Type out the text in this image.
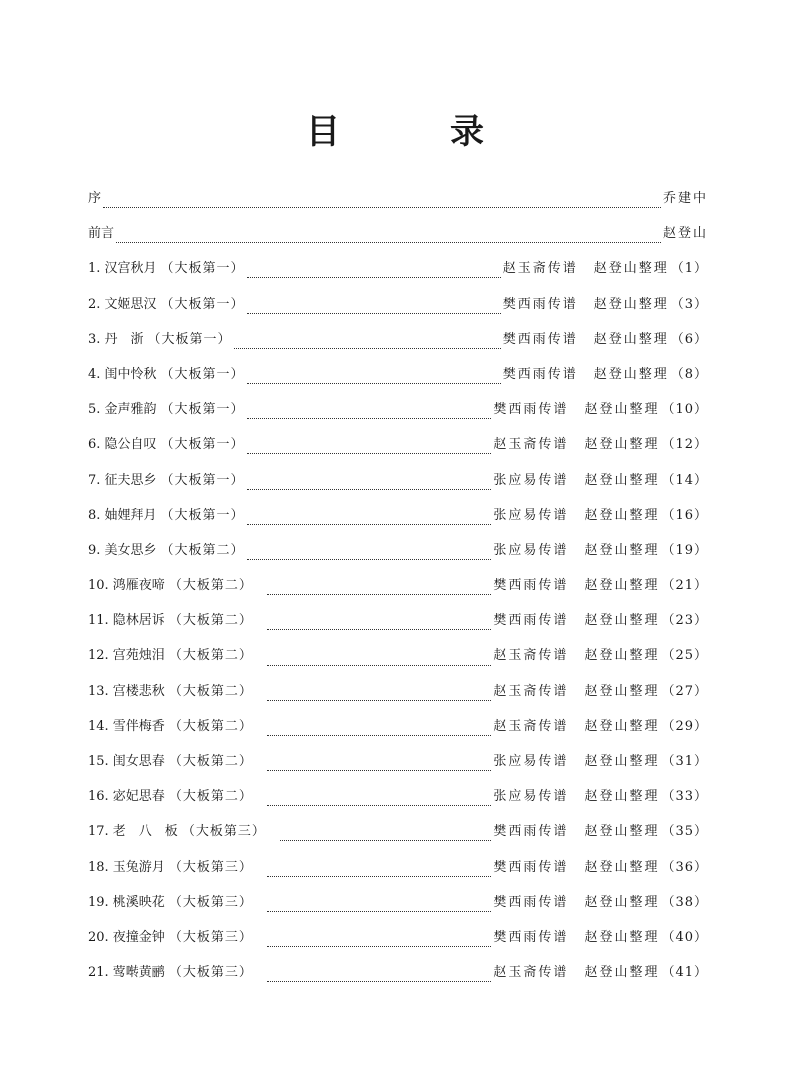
目　录
序	乔建中
前言	赵登山
1. 汉宫秋月 （大板第一）	赵玉斋传谱 赵登山整理 （1）
2. 文姬思汉 （大板第一）	樊西雨传谱 赵登山整理 （3）
3. 丹　浙 （大板第一）	樊西雨传谱 赵登山整理 （6）
4. 闺中怜秋 （大板第一）	樊西雨传谱 赵登山整理 （8）
5. 金声雅韵 （大板第一）	樊西雨传谱 赵登山整理 （10）
6. 隐公自叹 （大板第一）	赵玉斋传谱 赵登山整理 （12）
7. 征夫思乡 （大板第一）	张应易传谱 赵登山整理 （14）
8. 妯娌拜月 （大板第一）	张应易传谱 赵登山整理 （16）
9. 美女思乡 （大板第二）	张应易传谱 赵登山整理 （19）
10. 鸿雁夜啼 （大板第二）	樊西雨传谱 赵登山整理 （21）
11. 隐林居诉 （大板第二）	樊西雨传谱 赵登山整理 （23）
12. 宫苑烛泪 （大板第二）	赵玉斋传谱 赵登山整理 （25）
13. 宫楼悲秋 （大板第二）	赵玉斋传谱 赵登山整理 （27）
14. 雪伴梅香 （大板第二）	赵玉斋传谱 赵登山整理 （29）
15. 闺女思春 （大板第二）	张应易传谱 赵登山整理 （31）
16. 宓妃思春 （大板第二）	张应易传谱 赵登山整理 （33）
17. 老　八　板 （大板第三）	樊西雨传谱 赵登山整理 （35）
18. 玉兔游月 （大板第三）	樊西雨传谱 赵登山整理 （36）
19. 桃溪映花 （大板第三）	樊西雨传谱 赵登山整理 （38）
20. 夜撞金钟 （大板第三）	樊西雨传谱 赵登山整理 （40）
21. 莺啭黄鹂 （大板第三）	赵玉斋传谱 赵登山整理 （41）
